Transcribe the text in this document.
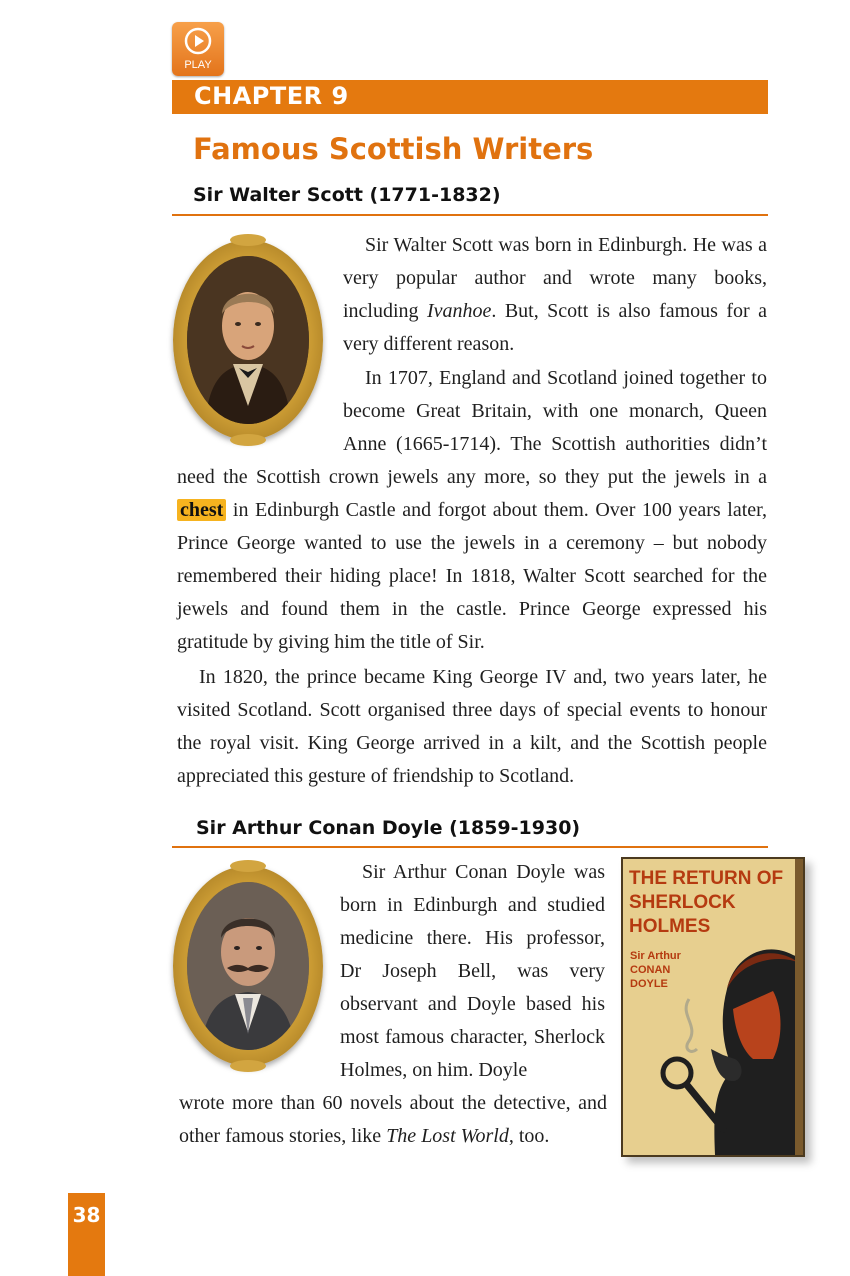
PLAY
CHAPTER 9
Famous Scottish Writers
Sir Walter Scott (1771-1832)

Sir Walter Scott was born in Edinburgh. He was a very popular author and wrote many books, including Ivanhoe. But, Scott is also famous for a very different reason.

In 1707, England and Scotland joined together to become Great Britain, with one monarch, Queen Anne (1665-1714). The Scottish authorities didn’t need the Scottish crown jewels any more, so they put the jewels in a chest in Edinburgh Castle and forgot about them. Over 100 years later, Prince George wanted to use the jewels in a ceremony – but nobody remembered their hiding place! In 1818, Walter Scott searched for the jewels and found them in the castle. Prince George expressed his gratitude by giving him the title of Sir.

In 1820, the prince became King George IV and, two years later, he visited Scotland. Scott organised three days of special events to honour the royal visit. King George arrived in a kilt, and the Scottish people appreciated this gesture of friendship to Scotland.

Sir Arthur Conan Doyle (1859-1930)

Sir Arthur Conan Doyle was born in Edinburgh and studied medicine there. His professor, Dr Joseph Bell, was very observant and Doyle based his most famous character, Sherlock Holmes, on him. Doyle

wrote more than 60 novels about the detective, and other famous stories, like The Lost World, too.

THE RETURN OF
SHERLOCK
HOLMES
Sir Arthur
CONAN
DOYLE
38
